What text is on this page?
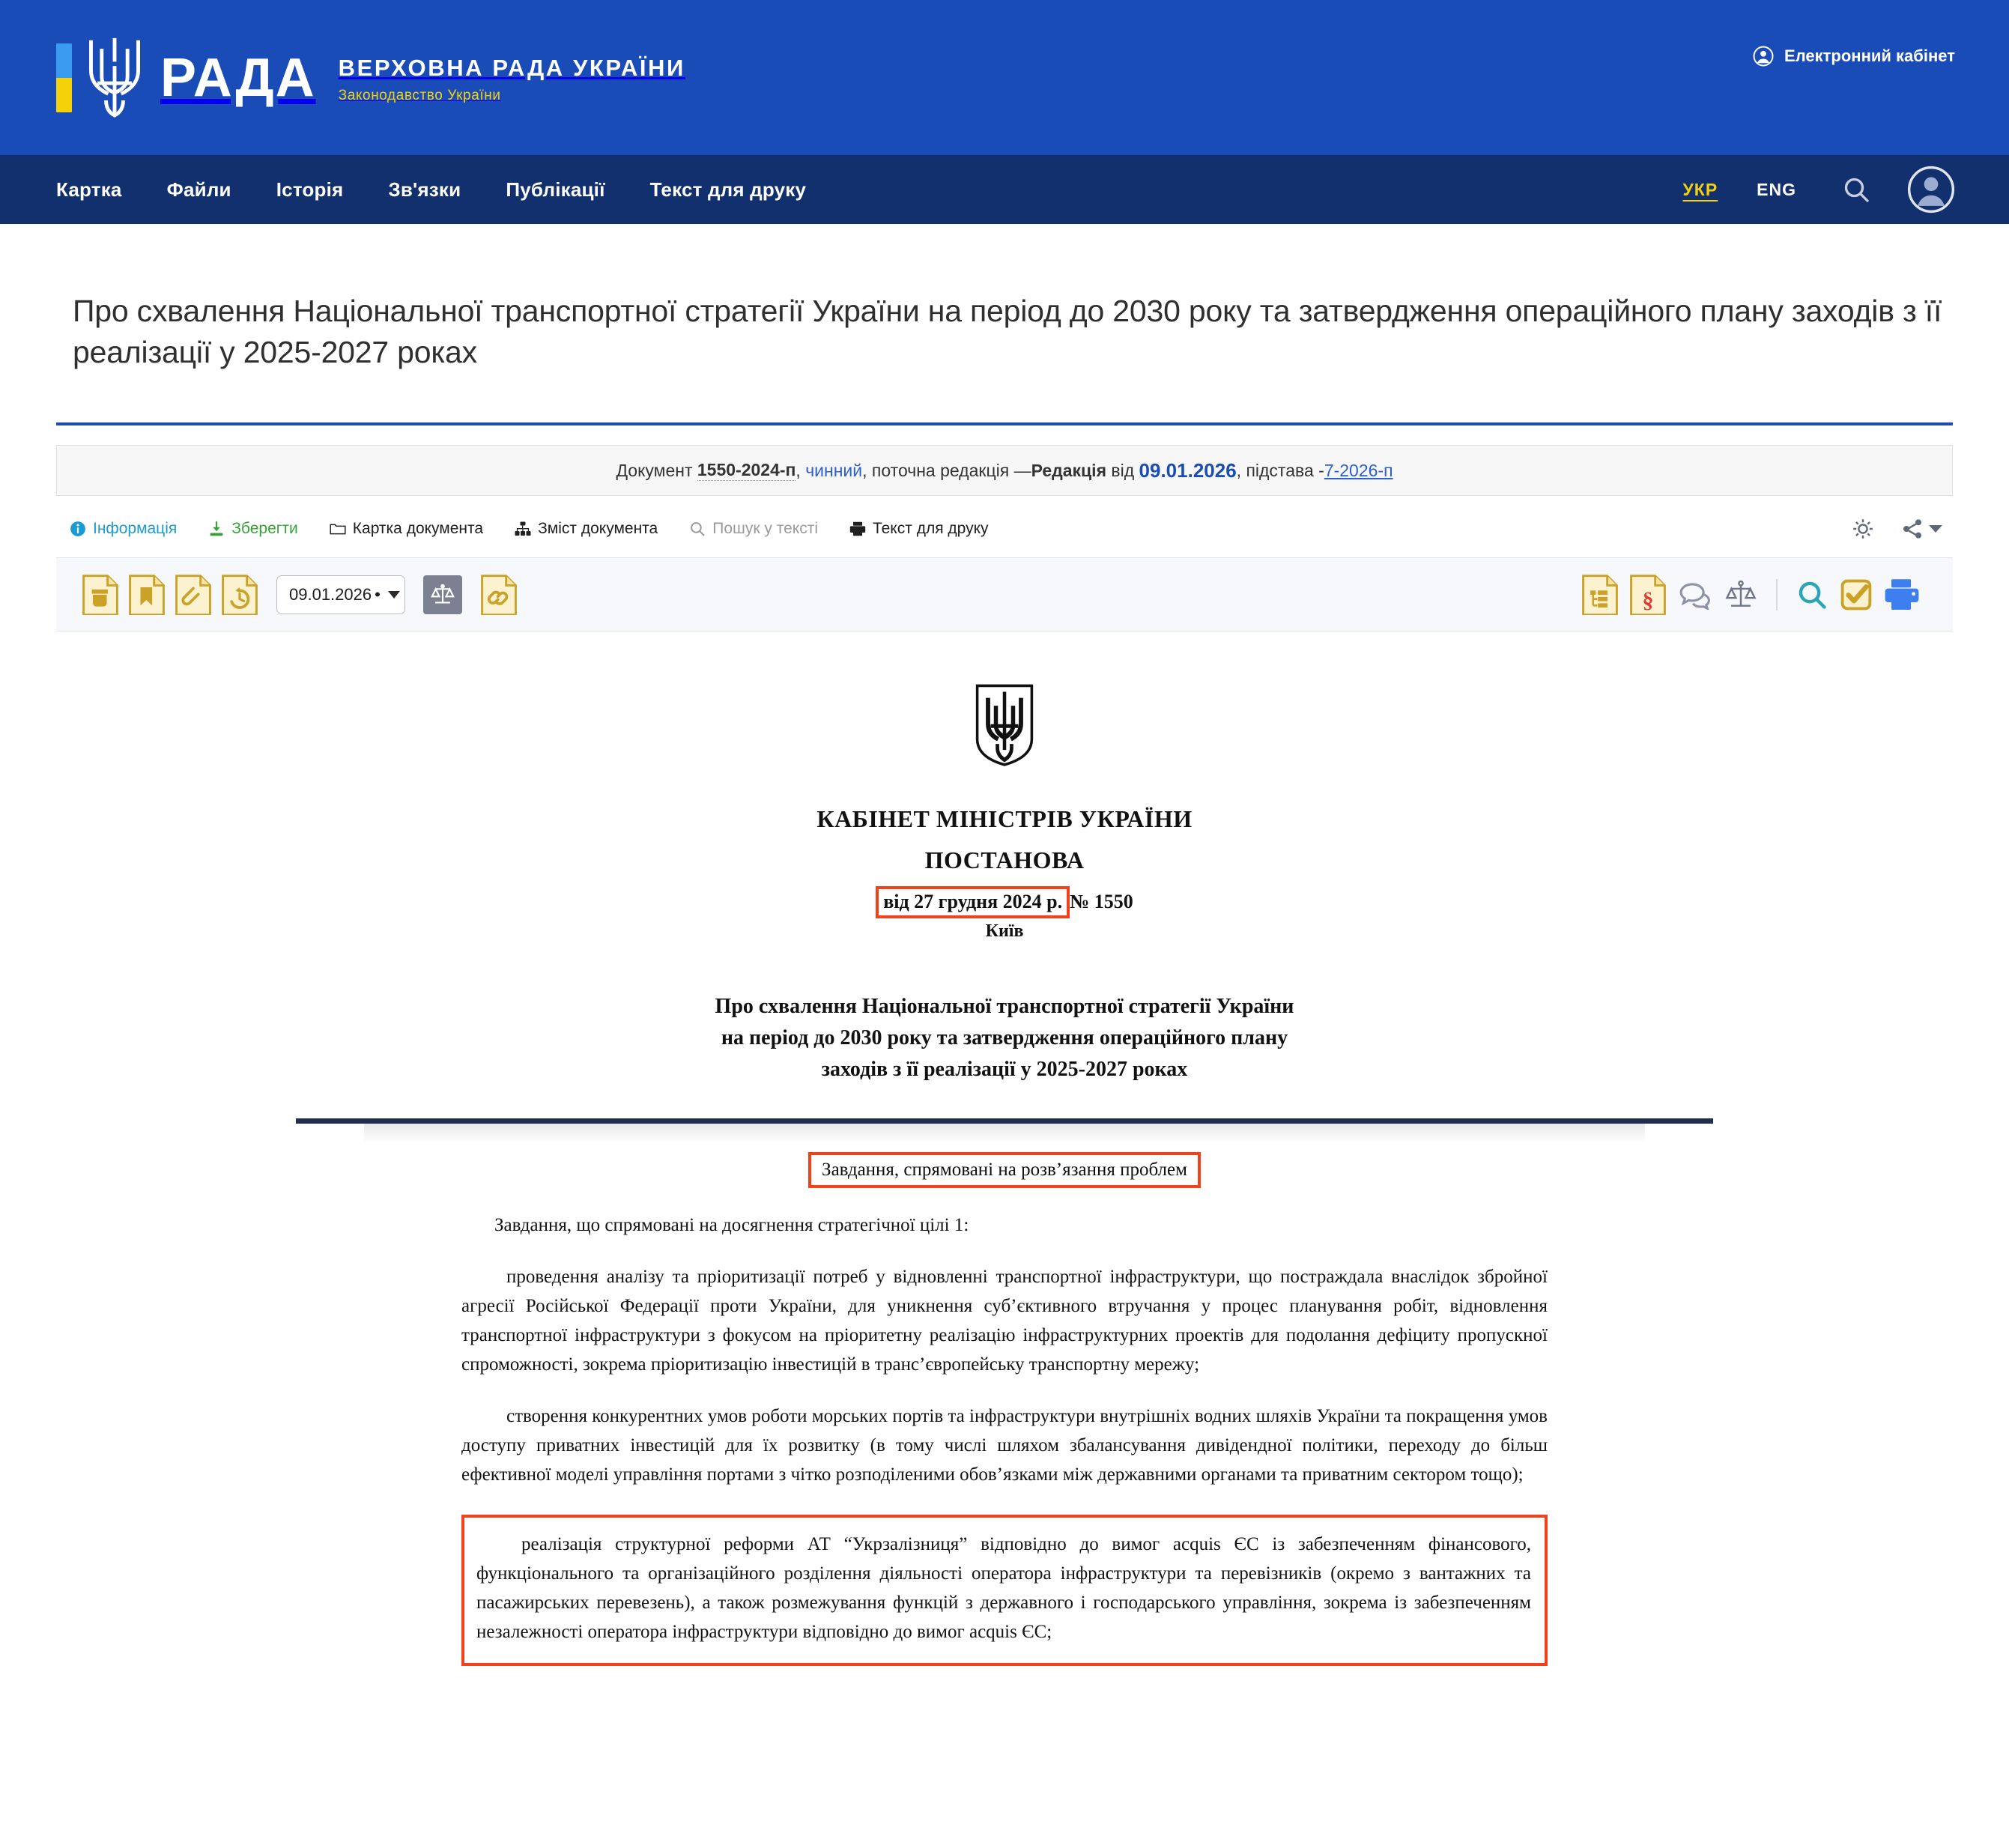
РАДА ВЕРХОВНА РАДА УКРАЇНИ
Законодавство України
Електронний кабінет
Картка	Файли	Історія	Зв'язки	Публікації	Текст для друку	УКР	ENG
Про схвалення Національної транспортної стратегії України на період до 2030 року та затвердження операційного плану заходів з її реалізації у 2025-2027 роках
Документ
1550-2024-п ,
чинний , поточна редакція — Редакція
від
09.01.2026 , підстава - 7-2026-п
Інформація	Зберегти	Картка документа	Зміст документа	Пошук у тексті	Текст для друку
09.01.2026 •	§
КАБІНЕТ МІНІСТРІВ УКРАЇНИ
ПОСТАНОВА
від 27 грудня 2024 р. № 1550
Київ
Про схвалення Національної транспортної стратегії України
на період до 2030 року та затвердження операційного плану
заходів з її реалізації у 2025-2027 роках
Завдання, спрямовані на розв’язання проблем

Завдання, що спрямовані на досягнення стратегічної цілі 1:

проведення аналізу та пріоритизації потреб у відновленні транспортної інфраструктури, що постраждала внаслідок збройної агресії Російської Федерації проти України, для уникнення суб’єктивного втручання у процес планування робіт, відновлення транспортної інфраструктури з фокусом на пріоритетну реалізацію інфраструктурних проектів для подолання дефіциту пропускної спроможності, зокрема пріоритизацію інвестицій в транс’європейську транспортну мережу;

створення конкурентних умов роботи морських портів та інфраструктури внутрішніх водних шляхів України та покращення умов доступу приватних інвестицій для їх розвитку (в тому числі шляхом збалансування дивідендної політики, переходу до більш ефективної моделі управління портами з чітко розподіленими обов’язками між державними органами та приватним сектором тощо);

реалізація структурної реформи АТ “Укрзалізниця” відповідно до вимог acquis ЄС із забезпеченням фінансового, функціонального та організаційного розділення діяльності оператора інфраструктури та перевізників (окремо з вантажних та пасажирських перевезень), а також розмежування функцій з державного і господарського управління, зокрема із забезпеченням незалежності оператора інфраструктури відповідно до вимог acquis ЄС;
